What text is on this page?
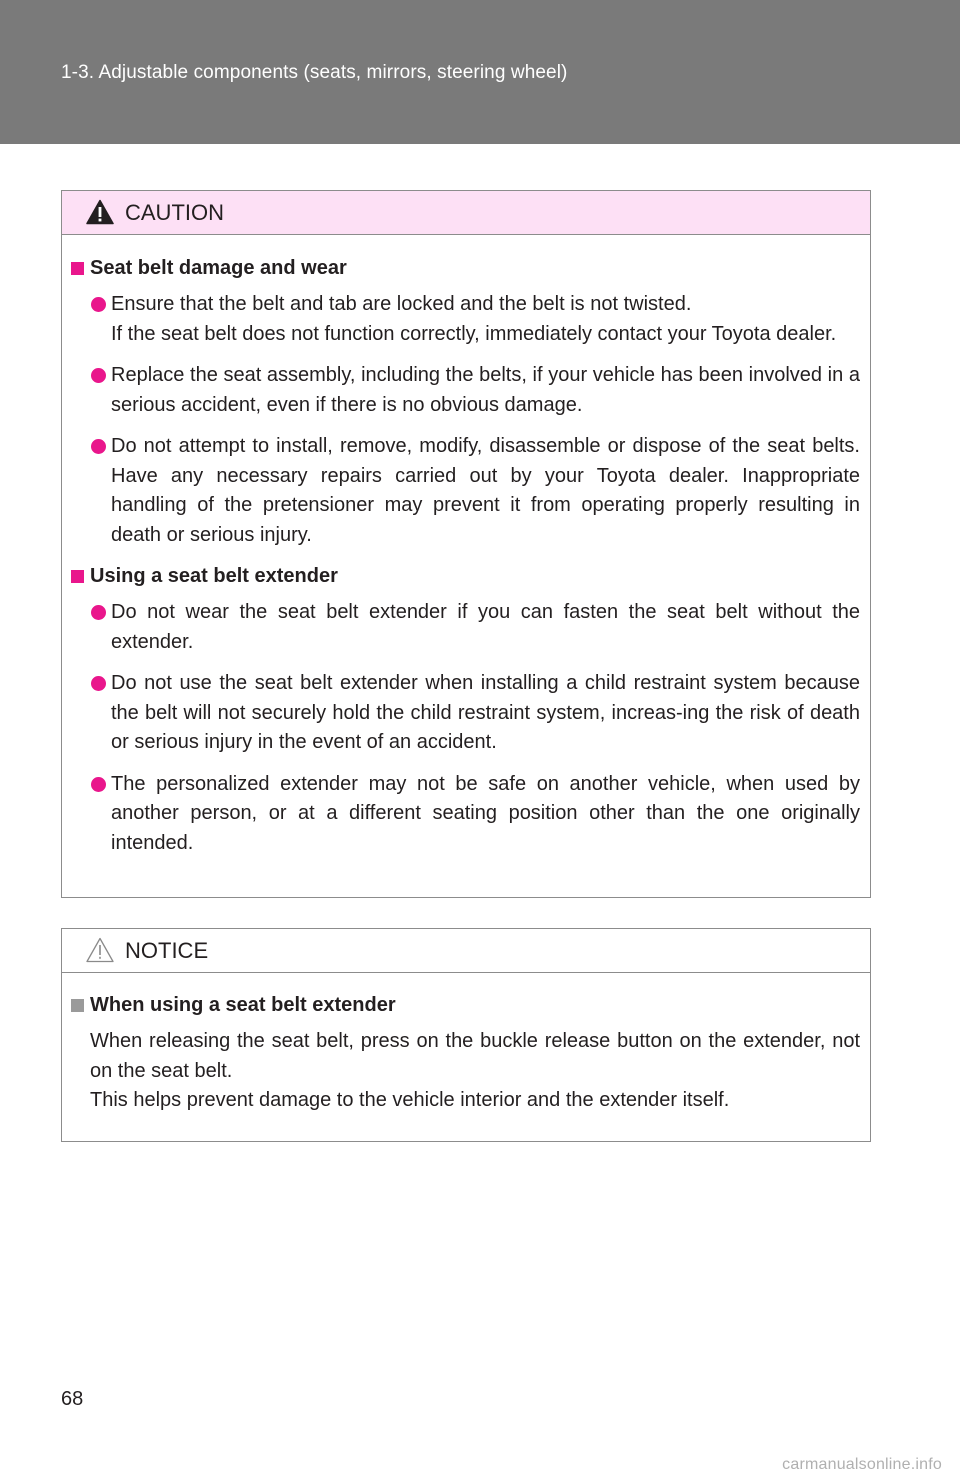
1-3. Adjustable components (seats, mirrors, steering wheel)
CAUTION
Seat belt damage and wear

Ensure that the belt and tab are locked and the belt is not twisted.

If the seat belt does not function correctly, immediately contact your Toyota dealer.

Replace the seat assembly, including the belts, if your vehicle has been involved in a serious accident, even if there is no obvious damage.

Do not attempt to install, remove, modify, disassemble or dispose of the seat belts. Have any necessary repairs carried out by your Toyota dealer. Inappropriate handling of the pretensioner may prevent it from operating properly resulting in death or serious injury.

Using a seat belt extender

Do not wear the seat belt extender if you can fasten the seat belt without the extender.

Do not use the seat belt extender when installing a child restraint system because the belt will not securely hold the child restraint system, increas-ing the risk of death or serious injury in the event of an accident.

The personalized extender may not be safe on another vehicle, when used by another person, or at a different seating position other than the one originally intended.

NOTICE
When using a seat belt extender

When releasing the seat belt, press on the buckle release button on the extender, not on the seat belt.

This helps prevent damage to the vehicle interior and the extender itself.

68
carmanualsonline.info
